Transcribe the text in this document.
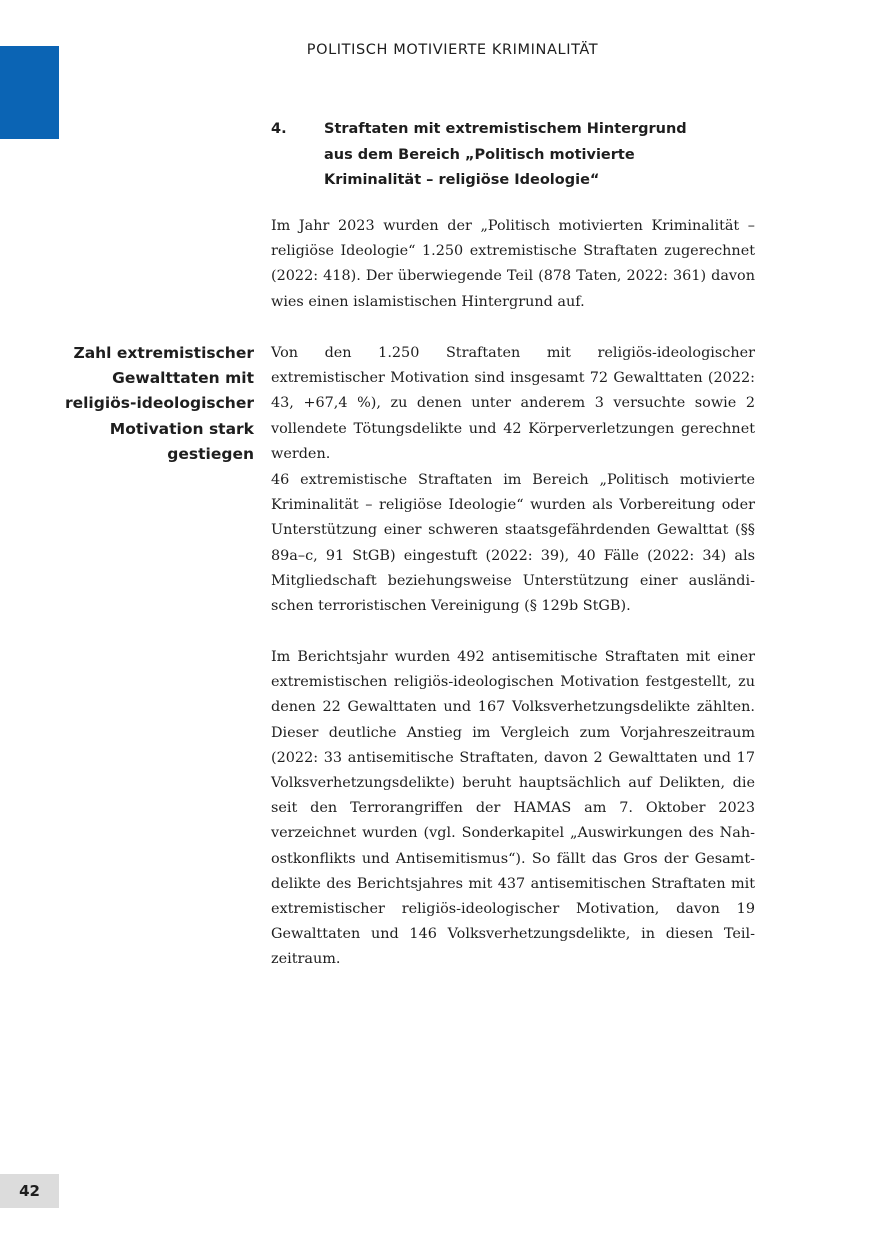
POLITISCH MOTIVIERTE KRIMINALITÄT
4.	Straftaten mit extremistischem Hintergrund aus dem Bereich „Politisch motivierte Kriminalität – religiöse Ideologie“

Im Jahr 2023 wurden der „Politisch motivierten Kriminalität – religiöse Ideologie“ 1.250 extremistische Straftaten zugerechnet (2022: 418). Der überwiegende Teil (878 Taten, 2022: 361) davon wies einen islamistischen Hintergrund auf.

Zahl extremistischer Gewalttaten mit religiös-ideologischer Motivation stark gestiegen

Von den 1.250 Straftaten mit religiös-ideologischer extremistischer Motivation sind insgesamt 72 Gewalttaten (2022: 43, +67,4 %), zu denen unter anderem 3 versuchte sowie 2 vollendete Tötungsdelikte und 42 Körperverletzungen gerechnet werden.

46 extremistische Straftaten im Bereich „Politisch motivierte Kriminalität – religiöse Ideologie“ wurden als Vorbereitung oder Unterstützung einer schweren staatsgefährdenden Gewalttat (§§ 89a–c, 91 StGB) eingestuft (2022: 39), 40 Fälle (2022: 34) als Mitgliedschaft beziehungsweise Unterstützung einer ausländischen terroristischen Vereinigung (§ 129b StGB).

Im Berichtsjahr wurden 492 antisemitische Straftaten mit einer extremistischen religiös-ideologischen Motivation festgestellt, zu denen 22 Gewalttaten und 167 Volksverhetzungsdelikte zählten. Dieser deutliche Anstieg im Vergleich zum Vorjahreszeitraum (2022: 33 antisemitische Straftaten, davon 2 Gewalttaten und 17 Volksverhetzungsdelikte) beruht hauptsächlich auf Delikten, die seit den Terrorangriffen der HAMAS am 7. Oktober 2023 verzeichnet wurden (vgl. Sonderkapitel „Auswirkungen des Nahostkonflikts und Antisemitismus“). So fällt das Gros der Gesamtdelikte des Berichtsjahres mit 437 antisemitischen Straftaten mit extremistischer religiös-ideologischer Motivation, davon 19 Gewalttaten und 146 Volksverhetzungsdelikte, in diesen Teilzeitraum.

42
